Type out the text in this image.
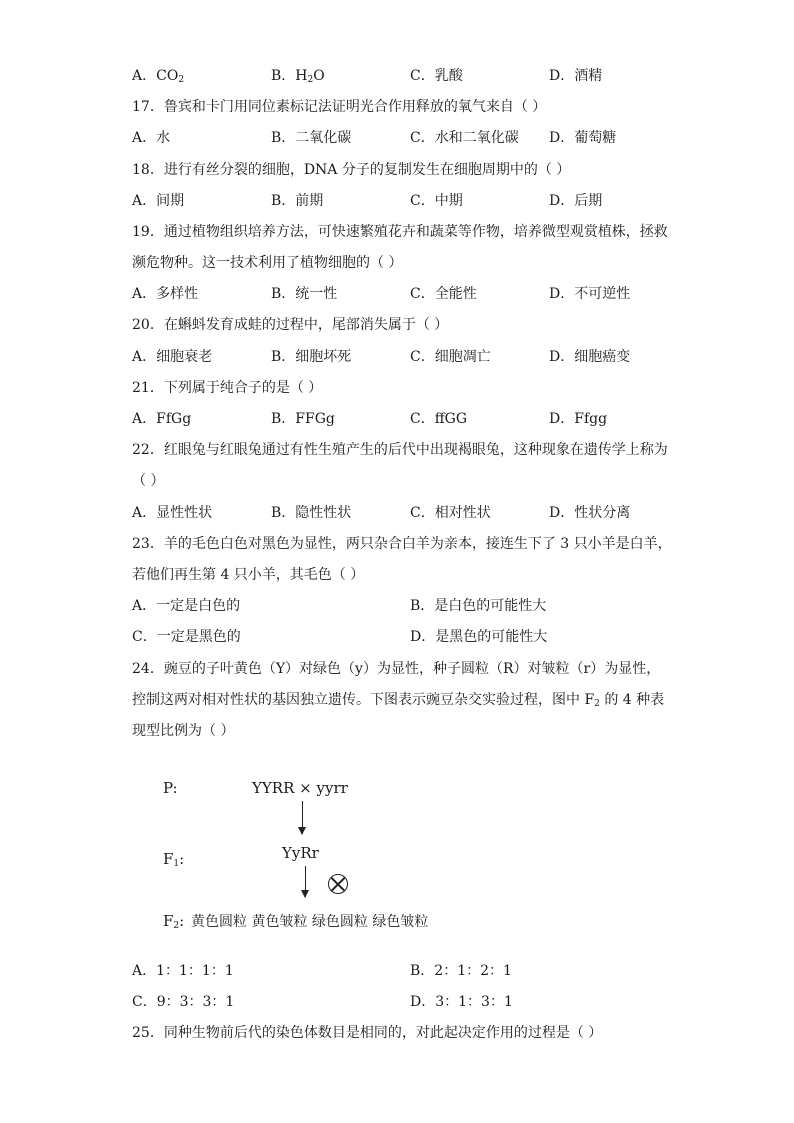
A．$CO_2$	B．$H_2O$	C．乳酸	D．酒精
17．鲁宾和卡门用同位素标记法证明光合作用释放的氧气来自（ ）
A．水	B．二氧化碳	C．水和二氧化碳 D．葡萄糖
18．进行有丝分裂的细胞，DNA 分子的复制发生在细胞周期中的（ ）
A．间期	B．前期	C．中期	D．后期
19．通过植物组织培养方法，可快速繁殖花卉和蔬菜等作物，培养微型观赏植株，拯救
濒危物种。这一技术利用了植物细胞的（ ）
A．多样性	B．统一性	C．全能性	D．不可逆性
20．在蝌蚪发育成蛙的过程中，尾部消失属于（ ）
A．细胞衰老	B．细胞坏死	C．细胞凋亡	D．细胞癌变
21．下列属于纯合子的是（ ）
A．FfGg	B．FFGg	C．ffGG	D．Ffgg
22．红眼兔与红眼兔通过有性生殖产生的后代中出现褐眼兔，这种现象在遗传学上称为
（ ）
A．显性性状	B．隐性性状	C．相对性状	D．性状分离
23．羊的毛色白色对黑色为显性，两只杂合白羊为亲本，接连生下了 3 只小羊是白羊，
若他们再生第 4 只小羊，其毛色（ ）
A．一定是白色的	B．是白色的可能性大
C．一定是黑色的	D．是黑色的可能性大
24．豌豆的子叶黄色（Y）对绿色（y）为显性，种子圆粒（R）对皱粒（r）为显性，
控制这两对相对性状的基因独立遗传。下图表示豌豆杂交实验过程，图中 $F_2$ 的 4 种表
现型比例为（ ）
P:	YYRR × yyrr
$F_1$:	YyRr
$F_2$: 黄色圆粒 黄色皱粒 绿色圆粒 绿色皱粒
A．1：1：1：1	B．2：1：2：1
C．9：3：3：1	D．3：1：3：1
25．同种生物前后代的染色体数目是相同的，对此起决定作用的过程是（ ）
